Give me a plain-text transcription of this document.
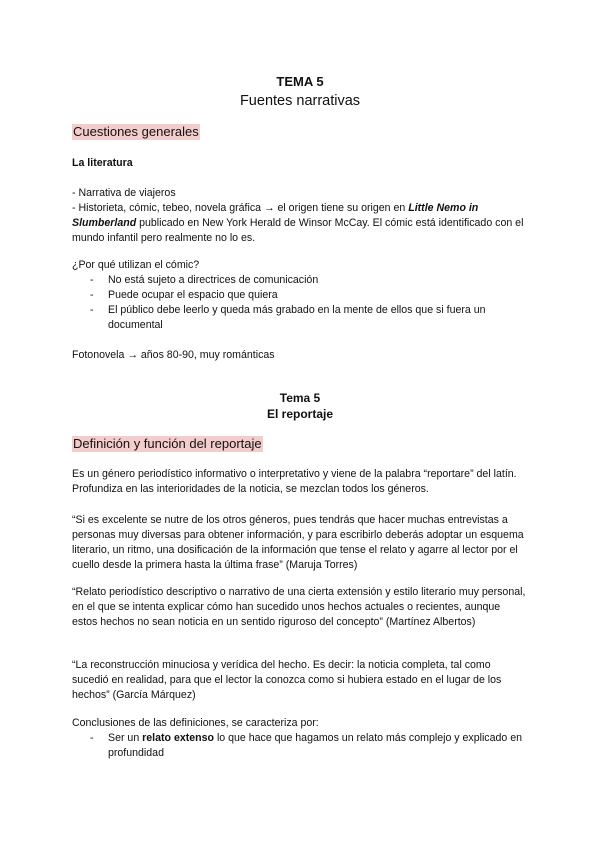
TEMA 5
Fuentes narrativas
Cuestiones generales
La literatura
- Narrativa de viajeros
- Historieta, cómic, tebeo, novela gráfica → el origen tiene su origen en Little Nemo in Slumberland publicado en New York Herald de Winsor McCay. El cómic está identificado con el mundo infantil pero realmente no lo es.
¿Por qué utilizan el cómic?
- No está sujeto a directrices de comunicación
- Puede ocupar el espacio que quiera
- El público debe leerlo y queda más grabado en la mente de ellos que si fuera un documental
Fotonovela → años 80-90, muy románticas
Tema 5
El reportaje
Definición y función del reportaje
Es un género periodístico informativo o interpretativo y viene de la palabra “reportare” del latín. Profundiza en las interioridades de la noticia, se mezclan todos los géneros.
“Si es excelente se nutre de los otros géneros, pues tendrás que hacer muchas entrevistas a personas muy diversas para obtener información, y para escribirlo deberás adoptar un esquema literario, un ritmo, una dosificación de la información que tense el relato y agarre al lector por el cuello desde la primera hasta la última frase” (Maruja Torres)
“Relato periodístico descriptivo o narrativo de una cierta extensión y estilo literario muy personal, en el que se intenta explicar cómo han sucedido unos hechos actuales o recientes, aunque estos hechos no sean noticia en un sentido riguroso del concepto” (Martínez Albertos)
“La reconstrucción minuciosa y verídica del hecho. Es decir: la noticia completa, tal como sucedió en realidad, para que el lector la conozca como si hubiera estado en el lugar de los hechos” (García Márquez)
Conclusiones de las definiciones, se caracteriza por:
- Ser un relato extenso lo que hace que hagamos un relato más complejo y explicado en profundidad
